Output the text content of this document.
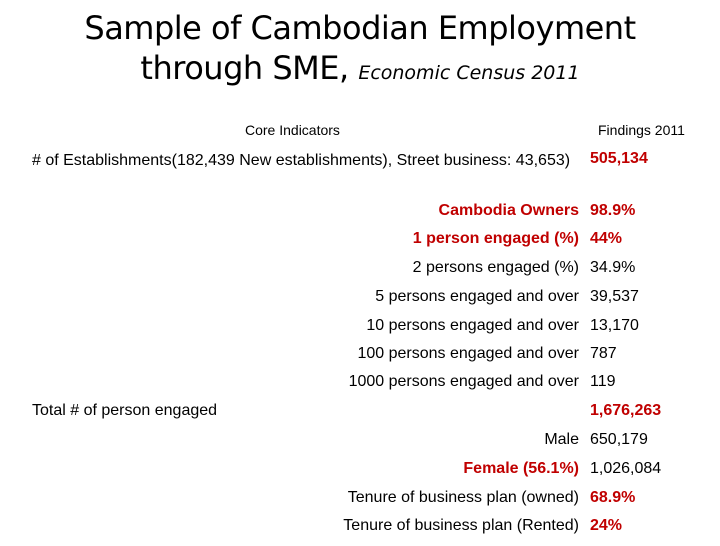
Sample of Cambodian Employment
through SME, Economic Census 2011
Core Indicators	Findings 2011
# of Establishments(182,439 New establishments), Street business: 43,653)	505,134
Cambodia Owners 98.9%
1 person engaged (%) 44%
2 persons engaged (%) 34.9%
5 persons engaged and over 39,537
10 persons engaged and over 13,170
100 persons engaged and over 787
1000 persons engaged and over 119
Total # of person engaged	1,676,263
Male 650,179
Female (56.1%) 1,026,084
Tenure of business plan (owned) 68.9%
Tenure of business plan (Rented) 24%
